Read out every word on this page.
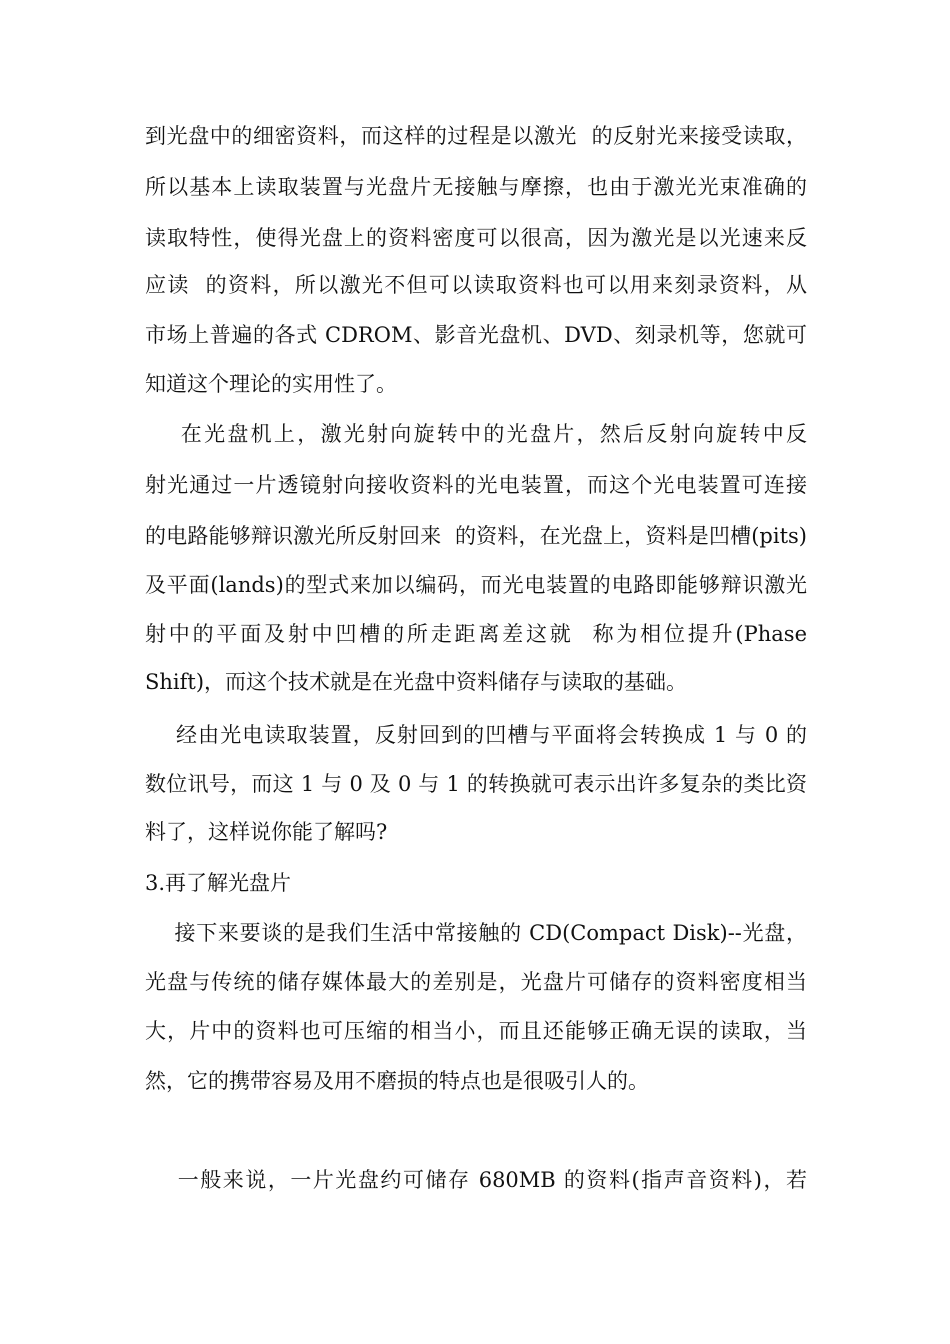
到光盘中的细密资料，而这样的过程是以激光  的反射光来接受读取，
所以基本上读取装置与光盘片无接触与摩擦，也由于激光光束准确的
读取特性，使得光盘上的资料密度可以很高，因为激光是以光速来反
应读  的资料，所以激光不但可以读取资料也可以用来刻录资料，从
市场上普遍的各式 CDROM、影音光盘机、DVD、刻录机等，您就可
知道这个理论的实用性了。
在光盘机上，激光射向旋转中的光盘片，然后反射向旋转中反
射光通过一片透镜射向接收资料的光电装置，而这个光电装置可连接
的电路能够辩识激光所反射回来  的资料，在光盘上，资料是凹槽(pits)
及平面(lands)的型式来加以编码，而光电装置的电路即能够辩识激光
射中的平面及射中凹槽的所走距离差这就  称为相位提升(Phase
Shift)，而这个技术就是在光盘中资料储存与读取的基础。
经由光电读取装置，反射回到的凹槽与平面将会转换成 1 与 0 的
数位讯号，而这 1 与 0 及 0 与 1 的转换就可表示出许多复杂的类比资
料了，这样说你能了解吗?
3.再了解光盘片
接下来要谈的是我们生活中常接触的 CD(Compact Disk)--光盘，
光盘与传统的储存媒体最大的差别是，光盘片可储存的资料密度相当
大，片中的资料也可压缩的相当小，而且还能够正确无误的读取，当
然，它的携带容易及用不磨损的特点也是很吸引人的。
一般来说，一片光盘约可储存 680MB 的资料(指声音资料)，若
